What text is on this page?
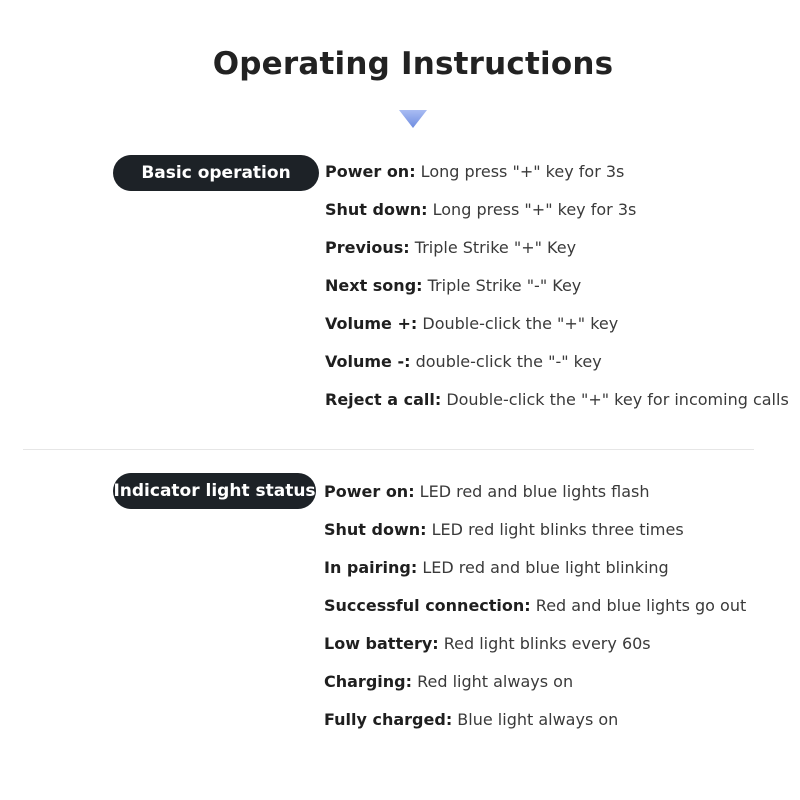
Operating Instructions
Basic operation	Power on: Long press "+" key for 3s
Shut down: Long press "+" key for 3s
Previous: Triple Strike "+" Key
Next song: Triple Strike "-" Key
Volume +: Double-click the "+" key
Volume -: double-click the "-" key
Reject a call: Double-click the "+" key for incoming calls
Indicator light status Power on: LED red and blue lights flash
Shut down: LED red light blinks three times
In pairing: LED red and blue light blinking
Successful connection: Red and blue lights go out
Low battery: Red light blinks every 60s
Charging: Red light always on
Fully charged: Blue light always on
